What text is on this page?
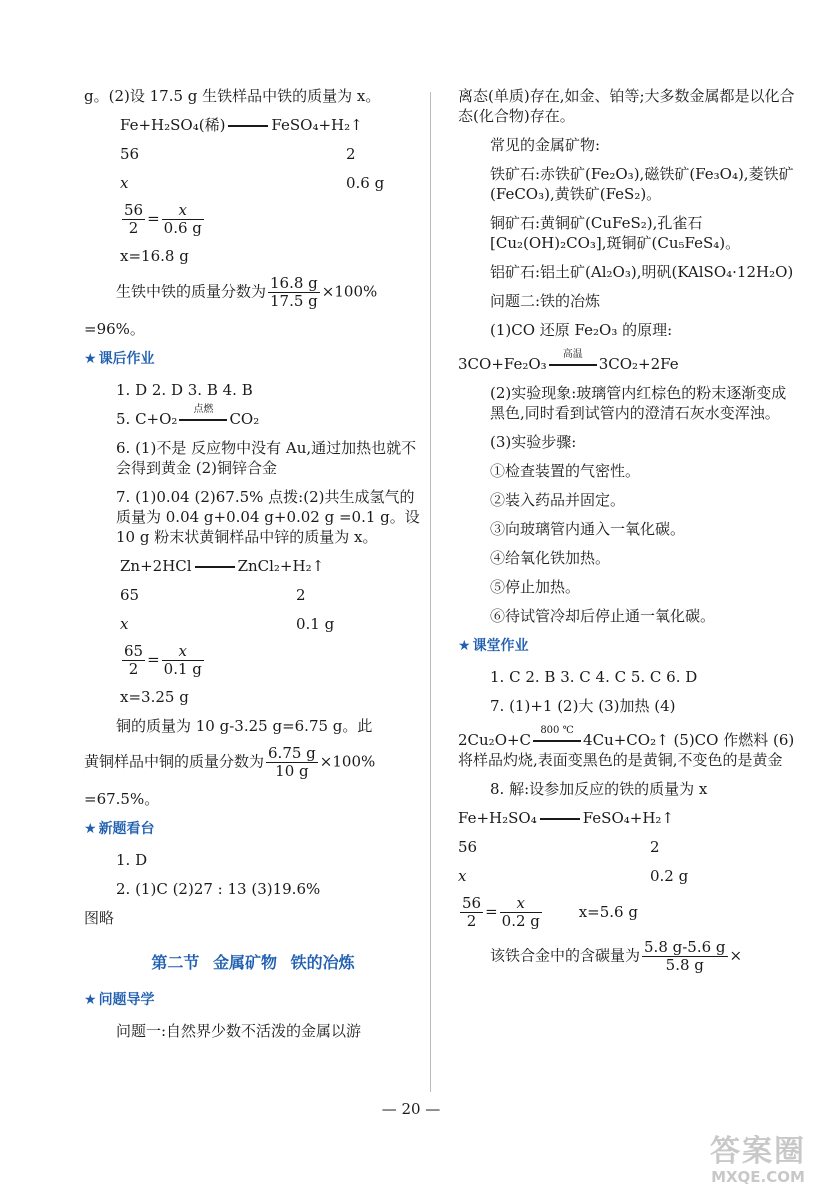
g。(2)设 17.5 g 生铁样品中铁的质量为 x。

Fe+H₂SO₄(稀)	FeSO₄+H₂↑

56	2

x	0.6 g

$\frac{56}{2} = \frac{x}{0.6 g}$

x=16.8 g

生铁中铁的质量分数为 $\frac{16.8 g}{17.5 g} \times 100\%$

=96%。

★ 课后作业

1. D 2. D 3. B 4. B

5. C+O₂
点燃
CO₂

6. (1)不是 反应物中没有 Au,通过加热也就不会得到黄金 (2)铜锌合金

7. (1)0.04 (2)67.5% 点拨:(2)共生成氢气的质量为 0.04 g+0.04 g+0.02 g =0.1 g。设 10 g 粉末状黄铜样品中锌的质量为 x。

Zn+2HCl	ZnCl₂+H₂↑

65	2

x	0.1 g

$\frac{65}{2} = \frac{x}{0.1 g}$

x=3.25 g

铜的质量为 10 g-3.25 g=6.75 g。此

黄铜样品中铜的质量分数为 $\frac{6.75 g}{10 g} \times 100\%$

=67.5%。

★ 新题看台

1. D

2. (1)C (2)27 : 13 (3)19.6%

图略

第二节 金属矿物 铁的冶炼
★ 问题导学

问题一:自然界少数不活泼的金属以游

离态(单质)存在,如金、铂等;大多数金属都是以化合态(化合物)存在。

常见的金属矿物:

铁矿石:赤铁矿(Fe₂O₃),磁铁矿(Fe₃O₄),菱铁矿(FeCO₃),黄铁矿(FeS₂)。

铜矿石:黄铜矿(CuFeS₂),孔雀石[Cu₂(OH)₂CO₃],斑铜矿(Cu₅FeS₄)。

铝矿石:铝土矿(Al₂O₃),明矾(KAlSO₄·12H₂O)

问题二:铁的冶炼

(1)CO 还原 Fe₂O₃ 的原理:

3CO+Fe₂O₃
高温
3CO₂+2Fe

(2)实验现象:玻璃管内红棕色的粉末逐渐变成黑色,同时看到试管内的澄清石灰水变浑浊。

(3)实验步骤:

①检查装置的气密性。

②装入药品并固定。

③向玻璃管内通入一氧化碳。

④给氧化铁加热。

⑤停止加热。

⑥待试管冷却后停止通一氧化碳。

★ 课堂作业

1. C 2. B 3. C 4. C 5. C 6. D

7. (1)+1 (2)大 (3)加热 (4)

2Cu₂O+C
800 ℃
4Cu+CO₂↑ (5)CO 作燃料 (6)将样品灼烧,表面变黑色的是黄铜,不变色的是黄金

8. 解:设参加反应的铁的质量为 x

Fe+H₂SO₄	FeSO₄+H₂↑

56	2

x	0.2 g

$\frac{56}{2} = \frac{x}{0.2 g} x=5.6$ g

该铁合金中的含碳量为 $\frac{5.8 g-5.6 g}{5.8 g}$ ×

— 20 —
答案圈
MXQE.COM
